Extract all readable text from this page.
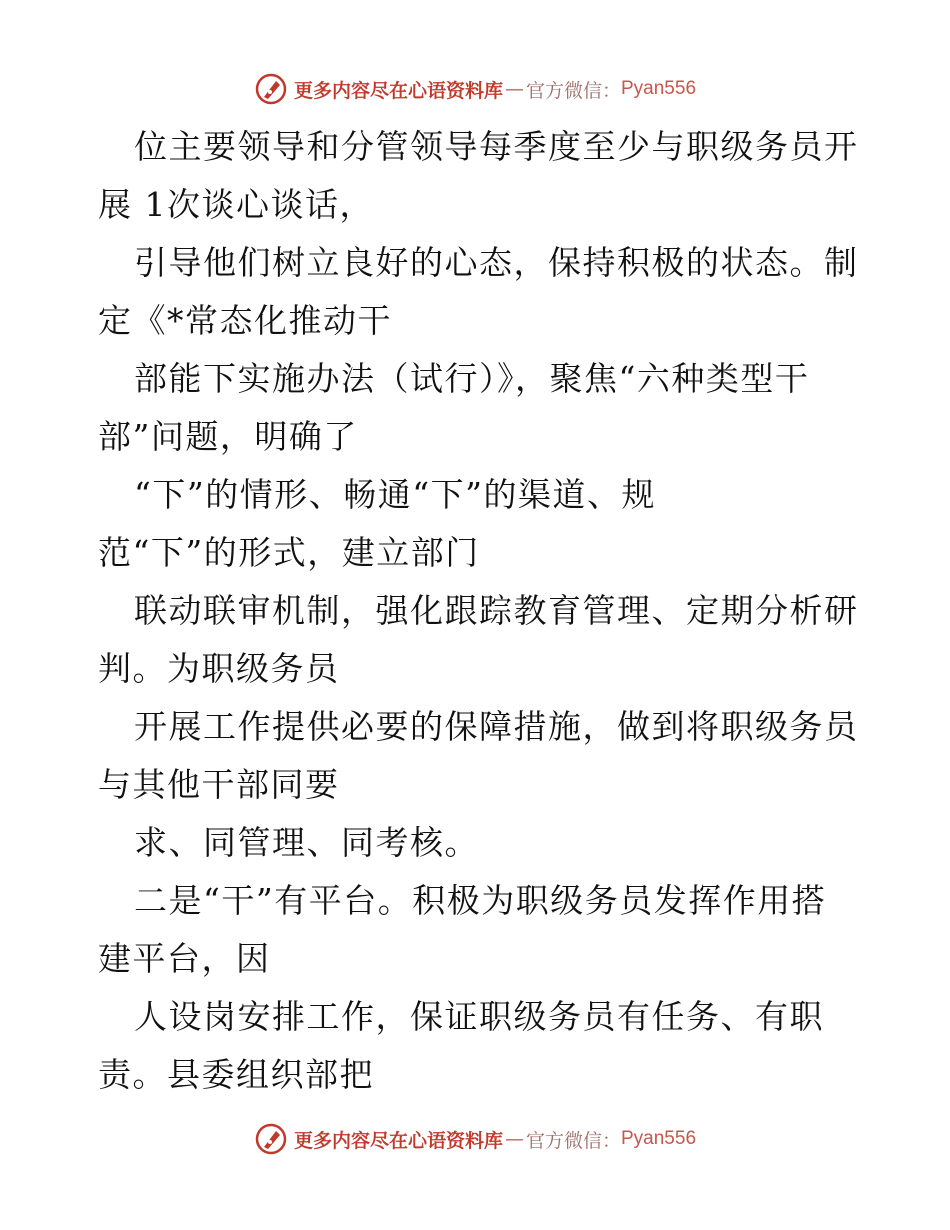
更多内容尽在心语资料库 — 官方微信： Pyan556
位主要领导和分管领导每季度至少与职级务员开
展 1次谈心谈话，
引导他们树立良好的心态，保持积极的状态。制
定《*常态化推动干
部能下实施办法（试行）》，聚焦“六种类型干
部”问题，明确了
“下”的情形、畅通“下”的渠道、规
范“下”的形式，建立部门
联动联审机制，强化跟踪教育管理、定期分析研
判。为职级务员
开展工作提供必要的保障措施，做到将职级务员
与其他干部同要
求、同管理、同考核。
二是“干”有平台。积极为职级务员发挥作用搭
建平台，因
人设岗安排工作，保证职级务员有任务、有职
责。县委组织部把
更多内容尽在心语资料库 — 官方微信： Pyan556
